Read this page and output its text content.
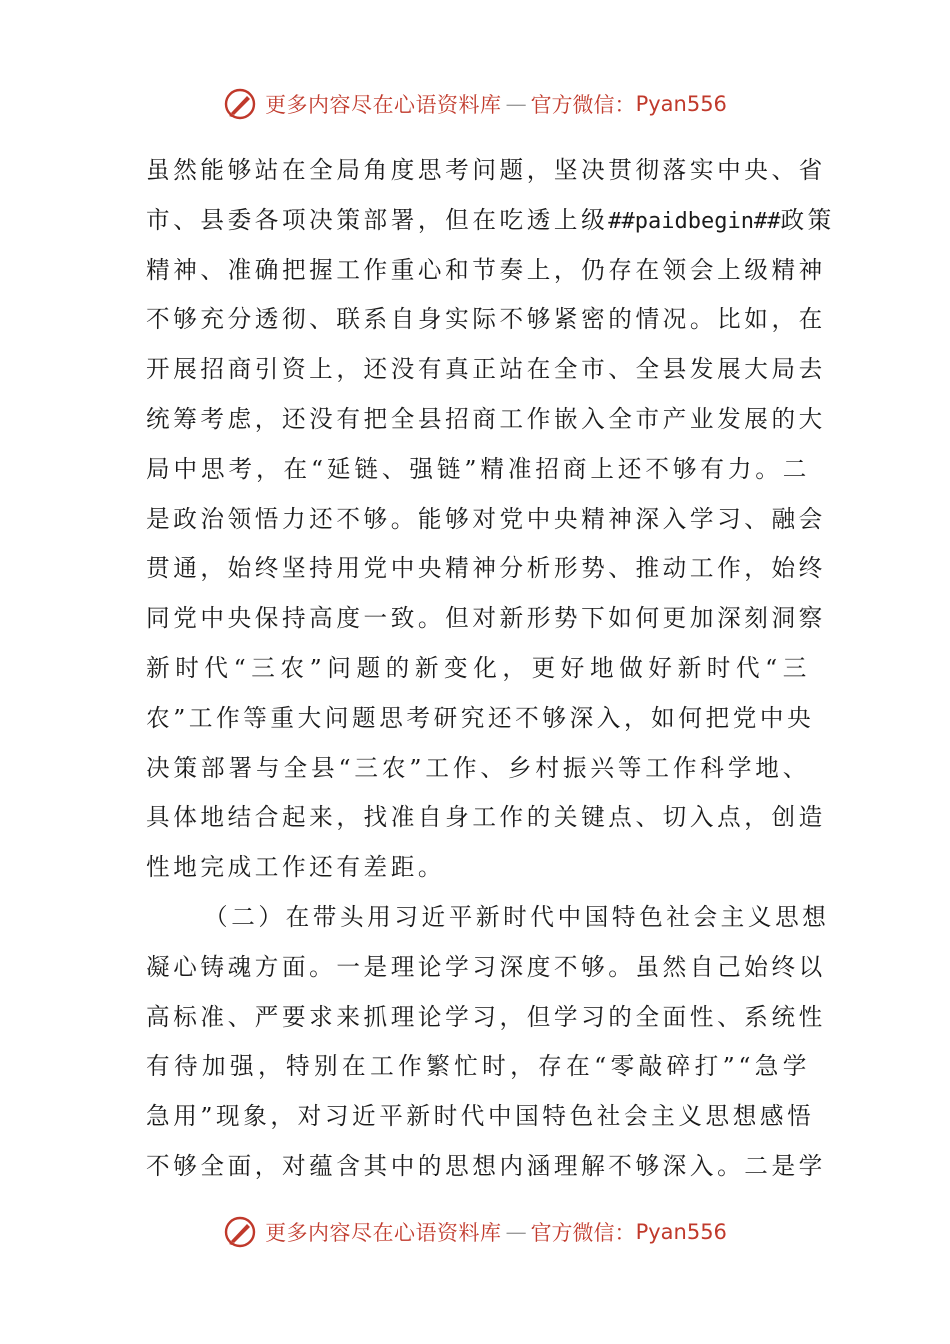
更多内容尽在心语资料库 — 官方微信： Pyan556
虽然能够站在全局角度思考问题，坚决贯彻落实中央、省
市、县委各项决策部署，但在吃透上级##paidbegin##政策
精神、准确把握工作重心和节奏上，仍存在领会上级精神
不够充分透彻、联系自身实际不够紧密的情况。比如，在
开展招商引资上，还没有真正站在全市、全县发展大局去
统筹考虑，还没有把全县招商工作嵌入全市产业发展的大
局中思考，在“延链、强链”精准招商上还不够有力。二
是政治领悟力还不够。能够对党中央精神深入学习、融会
贯通，始终坚持用党中央精神分析形势、推动工作，始终
同党中央保持高度一致。但对新形势下如何更加深刻洞察
新时代“三农”问题的新变化，更好地做好新时代“三
农”工作等重大问题思考研究还不够深入，如何把党中央
决策部署与全县“三农”工作、乡村振兴等工作科学地、
具体地结合起来，找准自身工作的关键点、切入点，创造
性地完成工作还有差距。
（二）在带头用习近平新时代中国特色社会主义思想
凝心铸魂方面。一是理论学习深度不够。虽然自己始终以
高标准、严要求来抓理论学习，但学习的全面性、系统性
有待加强，特别在工作繁忙时，存在“零敲碎打”“急学
急用”现象，对习近平新时代中国特色社会主义思想感悟
不够全面，对蕴含其中的思想内涵理解不够深入。二是学
更多内容尽在心语资料库 — 官方微信： Pyan556
